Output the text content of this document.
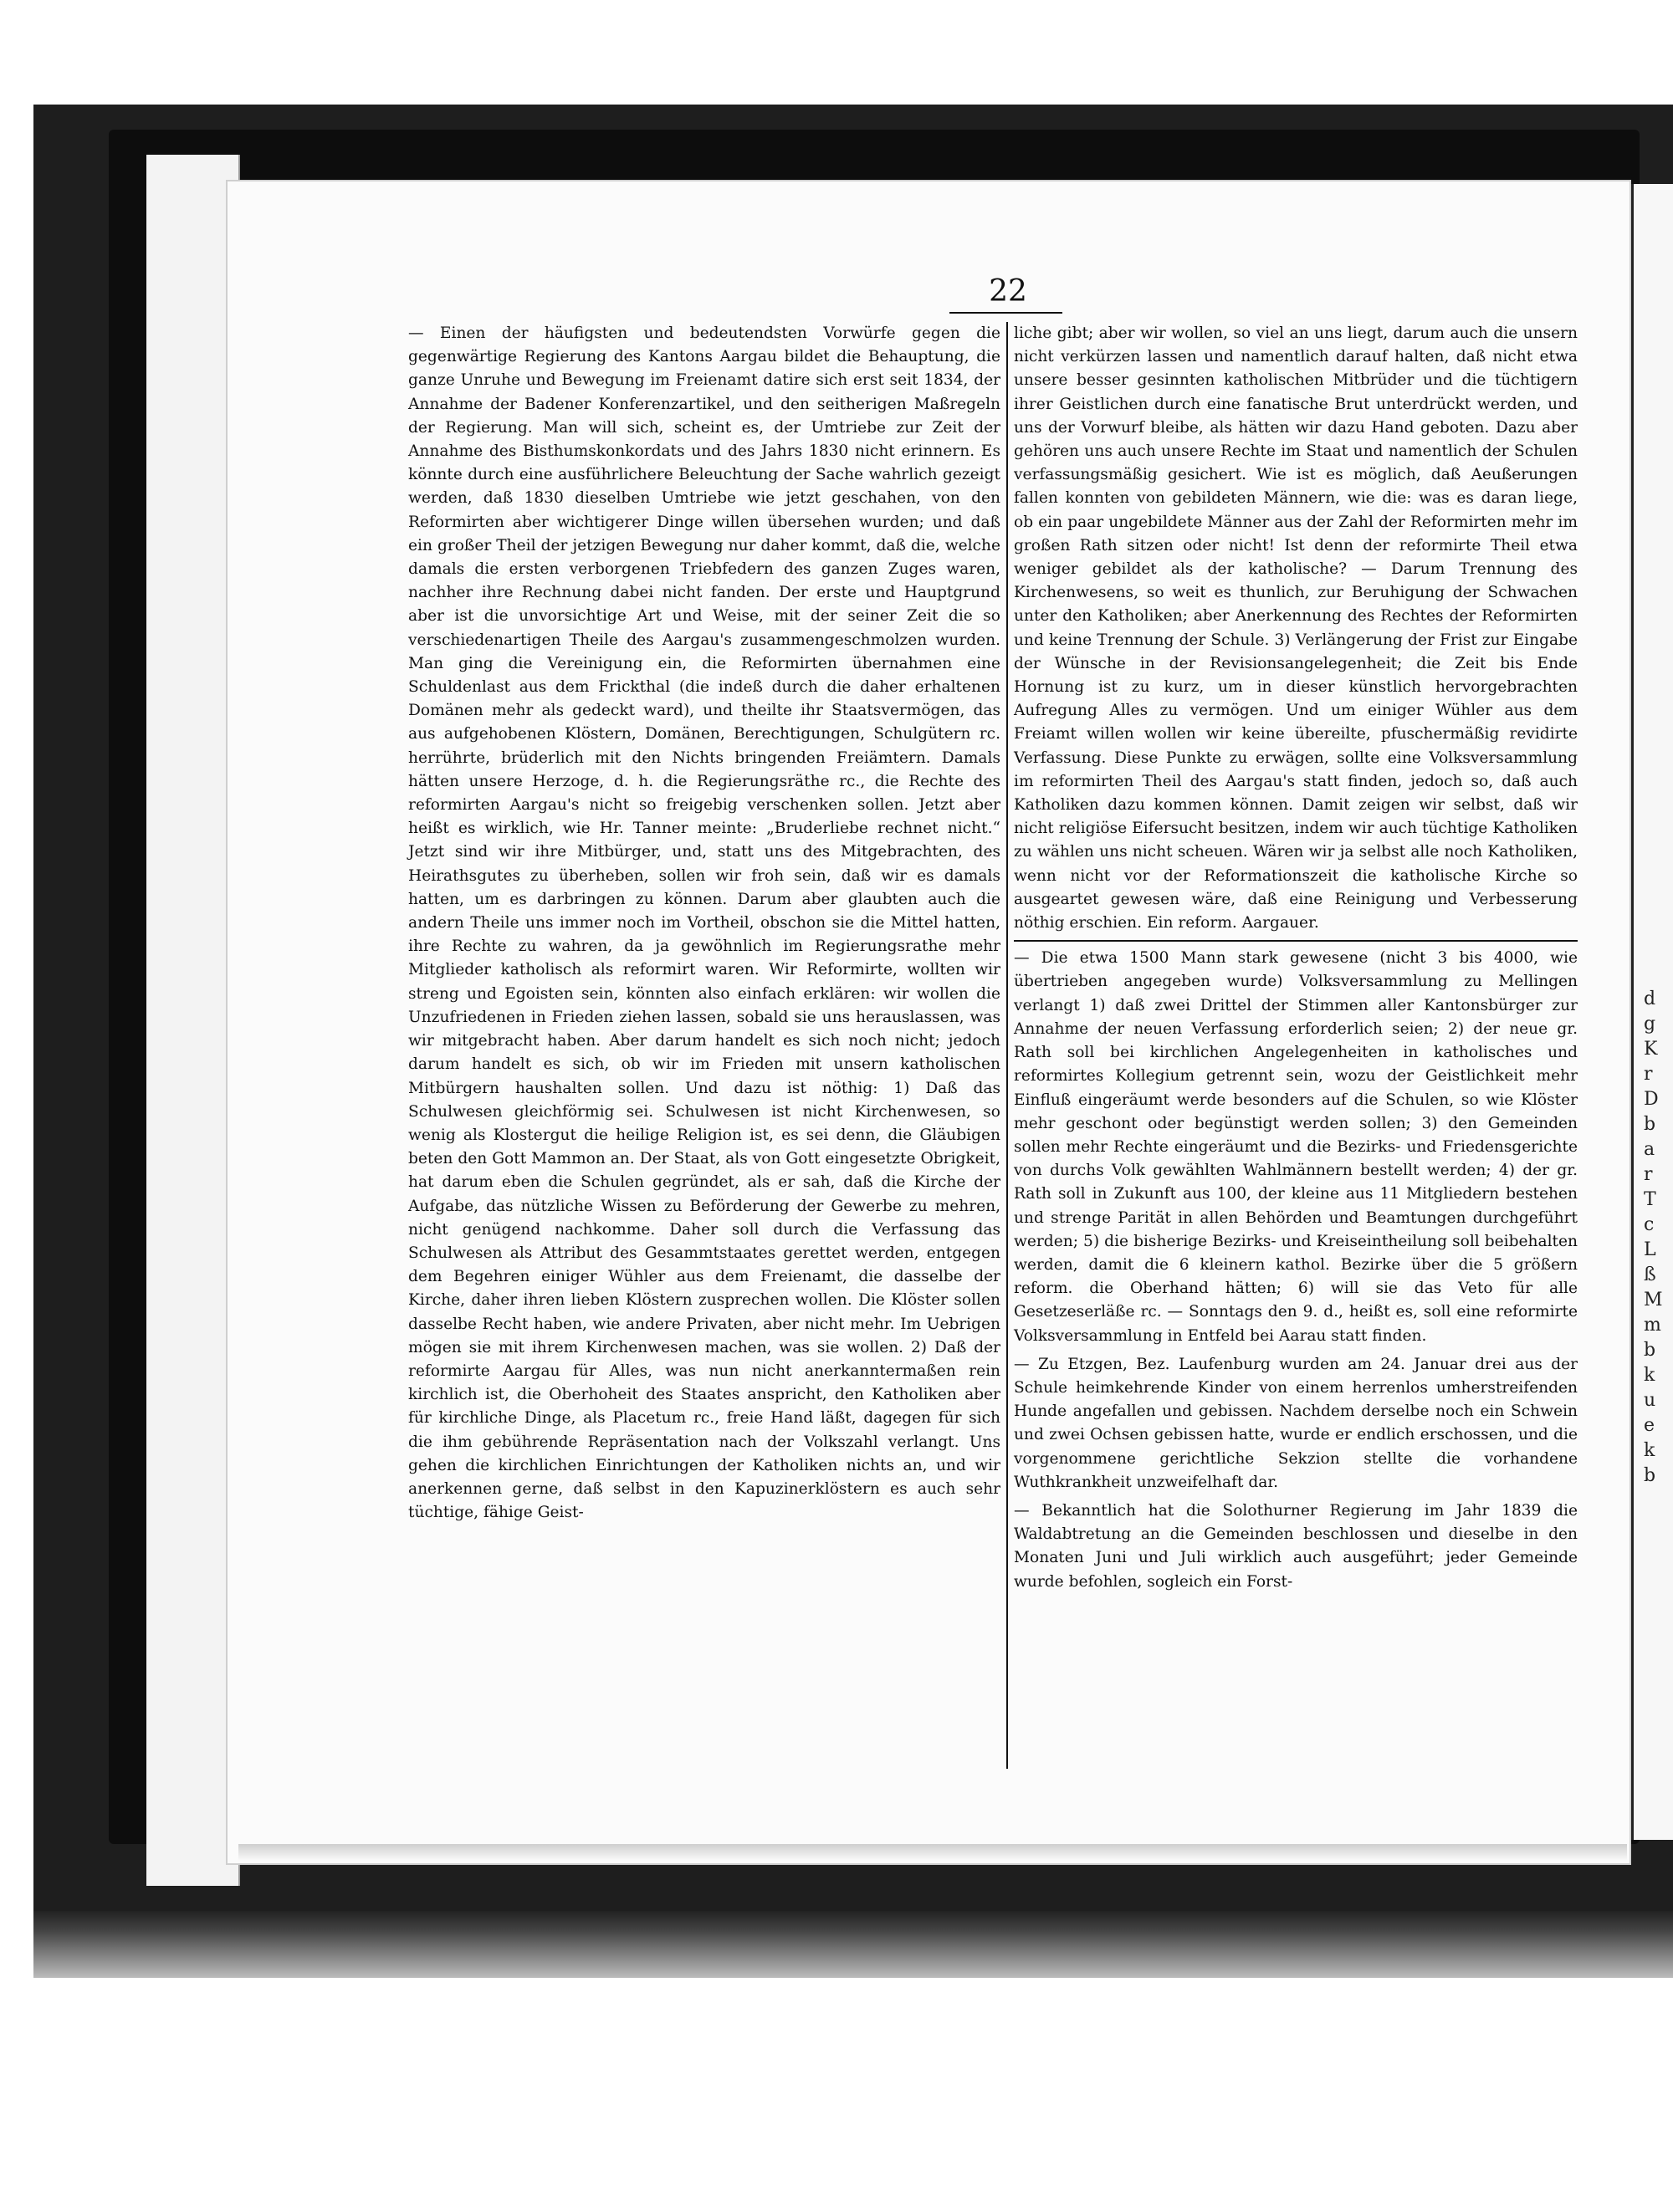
d g K r D b a r T c L ß M m b k u e k b
22

— Einen der häufigsten und bedeutendsten Vorwürfe gegen die gegenwärtige Regierung des Kantons Aargau bildet die Behauptung, die ganze Unruhe und Bewegung im Freienamt datire sich erst seit 1834, der Annahme der Badener Konferenzartikel, und den seitherigen Maßregeln der Regierung. Man will sich, scheint es, der Umtriebe zur Zeit der Annahme des Bisthumskonkordats und des Jahrs 1830 nicht erinnern. Es könnte durch eine ausführlichere Beleuchtung der Sache wahrlich gezeigt werden, daß 1830 dieselben Umtriebe wie jetzt geschahen, von den Reformirten aber wichtigerer Dinge willen übersehen wurden; und daß ein großer Theil der jetzigen Bewegung nur daher kommt, daß die, welche damals die ersten verborgenen Triebfedern des ganzen Zuges waren, nachher ihre Rechnung dabei nicht fanden. Der erste und Hauptgrund aber ist die unvorsichtige Art und Weise, mit der seiner Zeit die so verschiedenartigen Theile des Aargau's zusammengeschmolzen wurden. Man ging die Vereinigung ein, die Reformirten übernahmen eine Schuldenlast aus dem Frickthal (die indeß durch die daher erhaltenen Domänen mehr als gedeckt ward), und theilte ihr Staatsvermögen, das aus aufgehobenen Klöstern, Domänen, Berechtigungen, Schulgütern rc. herrührte, brüderlich mit den Nichts bringenden Freiämtern. Damals hätten unsere Herzoge, d. h. die Regierungsräthe rc., die Rechte des reformirten Aargau's nicht so freigebig verschenken sollen. Jetzt aber heißt es wirklich, wie Hr. Tanner meinte: „Bruderliebe rechnet nicht.“ Jetzt sind wir ihre Mitbürger, und, statt uns des Mitgebrachten, des Heirathsgutes zu überheben, sollen wir froh sein, daß wir es damals hatten, um es darbringen zu können. Darum aber glaubten auch die andern Theile uns immer noch im Vortheil, obschon sie die Mittel hatten, ihre Rechte zu wahren, da ja gewöhnlich im Regierungsrathe mehr Mitglieder katholisch als reformirt waren. Wir Reformirte, wollten wir streng und Egoisten sein, könnten also einfach erklären: wir wollen die Unzufriedenen in Frieden ziehen lassen, sobald sie uns herauslassen, was wir mitgebracht haben. Aber darum handelt es sich noch nicht; jedoch darum handelt es sich, ob wir im Frieden mit unsern katholischen Mitbürgern haushalten sollen. Und dazu ist nöthig: 1) Daß das Schulwesen gleichförmig sei. Schulwesen ist nicht Kirchenwesen, so wenig als Klostergut die heilige Religion ist, es sei denn, die Gläubigen beten den Gott Mammon an. Der Staat, als von Gott eingesetzte Obrigkeit, hat darum eben die Schulen gegründet, als er sah, daß die Kirche der Aufgabe, das nützliche Wissen zu Beförderung der Gewerbe zu mehren, nicht genügend nachkomme. Daher soll durch die Verfassung das Schulwesen als Attribut des Gesammtstaates gerettet werden, entgegen dem Begehren einiger Wühler aus dem Freienamt, die dasselbe der Kirche, daher ihren lieben Klöstern zusprechen wollen. Die Klöster sollen dasselbe Recht haben, wie andere Privaten, aber nicht mehr. Im Uebrigen mögen sie mit ihrem Kirchenwesen machen, was sie wollen. 2) Daß der reformirte Aargau für Alles, was nun nicht anerkanntermaßen rein kirchlich ist, die Oberhoheit des Staates anspricht, den Katholiken aber für kirchliche Dinge, als Placetum rc., freie Hand läßt, dagegen für sich die ihm gebührende Repräsentation nach der Volkszahl verlangt. Uns gehen die kirchlichen Einrichtungen der Katholiken nichts an, und wir anerkennen gerne, daß selbst in den Kapuzinerklöstern es auch sehr tüchtige, fähige Geist-

liche gibt; aber wir wollen, so viel an uns liegt, darum auch die unsern nicht verkürzen lassen und namentlich darauf halten, daß nicht etwa unsere besser gesinnten katholischen Mitbrüder und die tüchtigern ihrer Geistlichen durch eine fanatische Brut unterdrückt werden, und uns der Vorwurf bleibe, als hätten wir dazu Hand geboten. Dazu aber gehören uns auch unsere Rechte im Staat und namentlich der Schulen verfassungsmäßig gesichert. Wie ist es möglich, daß Aeußerungen fallen konnten von gebildeten Männern, wie die: was es daran liege, ob ein paar ungebildete Männer aus der Zahl der Reformirten mehr im großen Rath sitzen oder nicht! Ist denn der reformirte Theil etwa weniger gebildet als der katholische? — Darum Trennung des Kirchenwesens, so weit es thunlich, zur Beruhigung der Schwachen unter den Katholiken; aber Anerkennung des Rechtes der Reformirten und keine Trennung der Schule. 3) Verlängerung der Frist zur Eingabe der Wünsche in der Revisionsangelegenheit; die Zeit bis Ende Hornung ist zu kurz, um in dieser künstlich hervorgebrachten Aufregung Alles zu vermögen. Und um einiger Wühler aus dem Freiamt willen wollen wir keine übereilte, pfuschermäßig revidirte Verfassung. Diese Punkte zu erwägen, sollte eine Volksversammlung im reformirten Theil des Aargau's statt finden, jedoch so, daß auch Katholiken dazu kommen können. Damit zeigen wir selbst, daß wir nicht religiöse Eifersucht besitzen, indem wir auch tüchtige Katholiken zu wählen uns nicht scheuen. Wären wir ja selbst alle noch Katholiken, wenn nicht vor der Reformationszeit die katholische Kirche so ausgeartet gewesen wäre, daß eine Reinigung und Verbesserung nöthig erschien. Ein reform. Aargauer.

— Die etwa 1500 Mann stark gewesene (nicht 3 bis 4000, wie übertrieben angegeben wurde) Volksversammlung zu Mellingen verlangt 1) daß zwei Drittel der Stimmen aller Kantonsbürger zur Annahme der neuen Verfassung erforderlich seien; 2) der neue gr. Rath soll bei kirchlichen Angelegenheiten in katholisches und reformirtes Kollegium getrennt sein, wozu der Geistlichkeit mehr Einfluß eingeräumt werde besonders auf die Schulen, so wie Klöster mehr geschont oder begünstigt werden sollen; 3) den Gemeinden sollen mehr Rechte eingeräumt und die Bezirks- und Friedensgerichte von durchs Volk gewählten Wahlmännern bestellt werden; 4) der gr. Rath soll in Zukunft aus 100, der kleine aus 11 Mitgliedern bestehen und strenge Parität in allen Behörden und Beamtungen durchgeführt werden; 5) die bisherige Bezirks- und Kreiseintheilung soll beibehalten werden, damit die 6 kleinern kathol. Bezirke über die 5 größern reform. die Oberhand hätten; 6) will sie das Veto für alle Gesetzeserläße rc. — Sonntags den 9. d., heißt es, soll eine reformirte Volksversammlung in Entfeld bei Aarau statt finden.

— Zu Etzgen, Bez. Laufenburg wurden am 24. Januar drei aus der Schule heimkehrende Kinder von einem herrenlos umherstreifenden Hunde angefallen und gebissen. Nachdem derselbe noch ein Schwein und zwei Ochsen gebissen hatte, wurde er endlich erschossen, und die vorgenommene gerichtliche Sekzion stellte die vorhandene Wuthkrankheit unzweifelhaft dar.

— Bekanntlich hat die Solothurner Regierung im Jahr 1839 die Waldabtretung an die Gemeinden beschlossen und dieselbe in den Monaten Juni und Juli wirklich auch ausgeführt; jeder Gemeinde wurde befohlen, sogleich ein Forst-
